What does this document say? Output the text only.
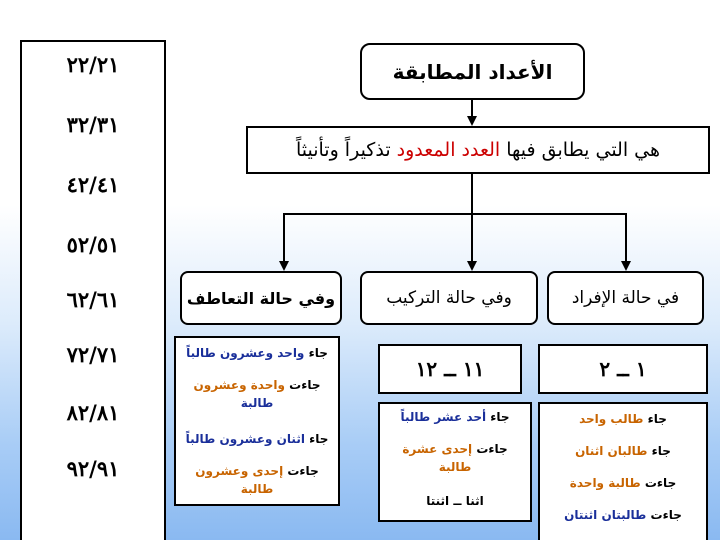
٢٢/٢١
٣٢/٣١
٤٢/٤١
٥٢/٥١
٦٢/٦١
٧٢/٧١
٨٢/٨١
٩٢/٩١
الأعداد المطابقة
هي التي يطابق فيها العدد المعدود تذكيراً وتأنيثاً
في حالة الإفراد
وفي حالة التركيب
وفي حالة التعاطف
١ ــ ٢
١١ ــ ١٢
جاء طالب واحد
جاء طالبان اثنان
جاءت طالبة واحدة
جاءت طالبتان اثنتان
جاء أحد عشر طالباً
جاءت إحدى عشرة
طالبة
اثنا ــ اثنتا
جاء واحد وعشرون طالباً
جاءت واحدة وعشرون
طالبة
جاء اثنان وعشرون طالباً
جاءت إحدى وعشرون
طالبة
